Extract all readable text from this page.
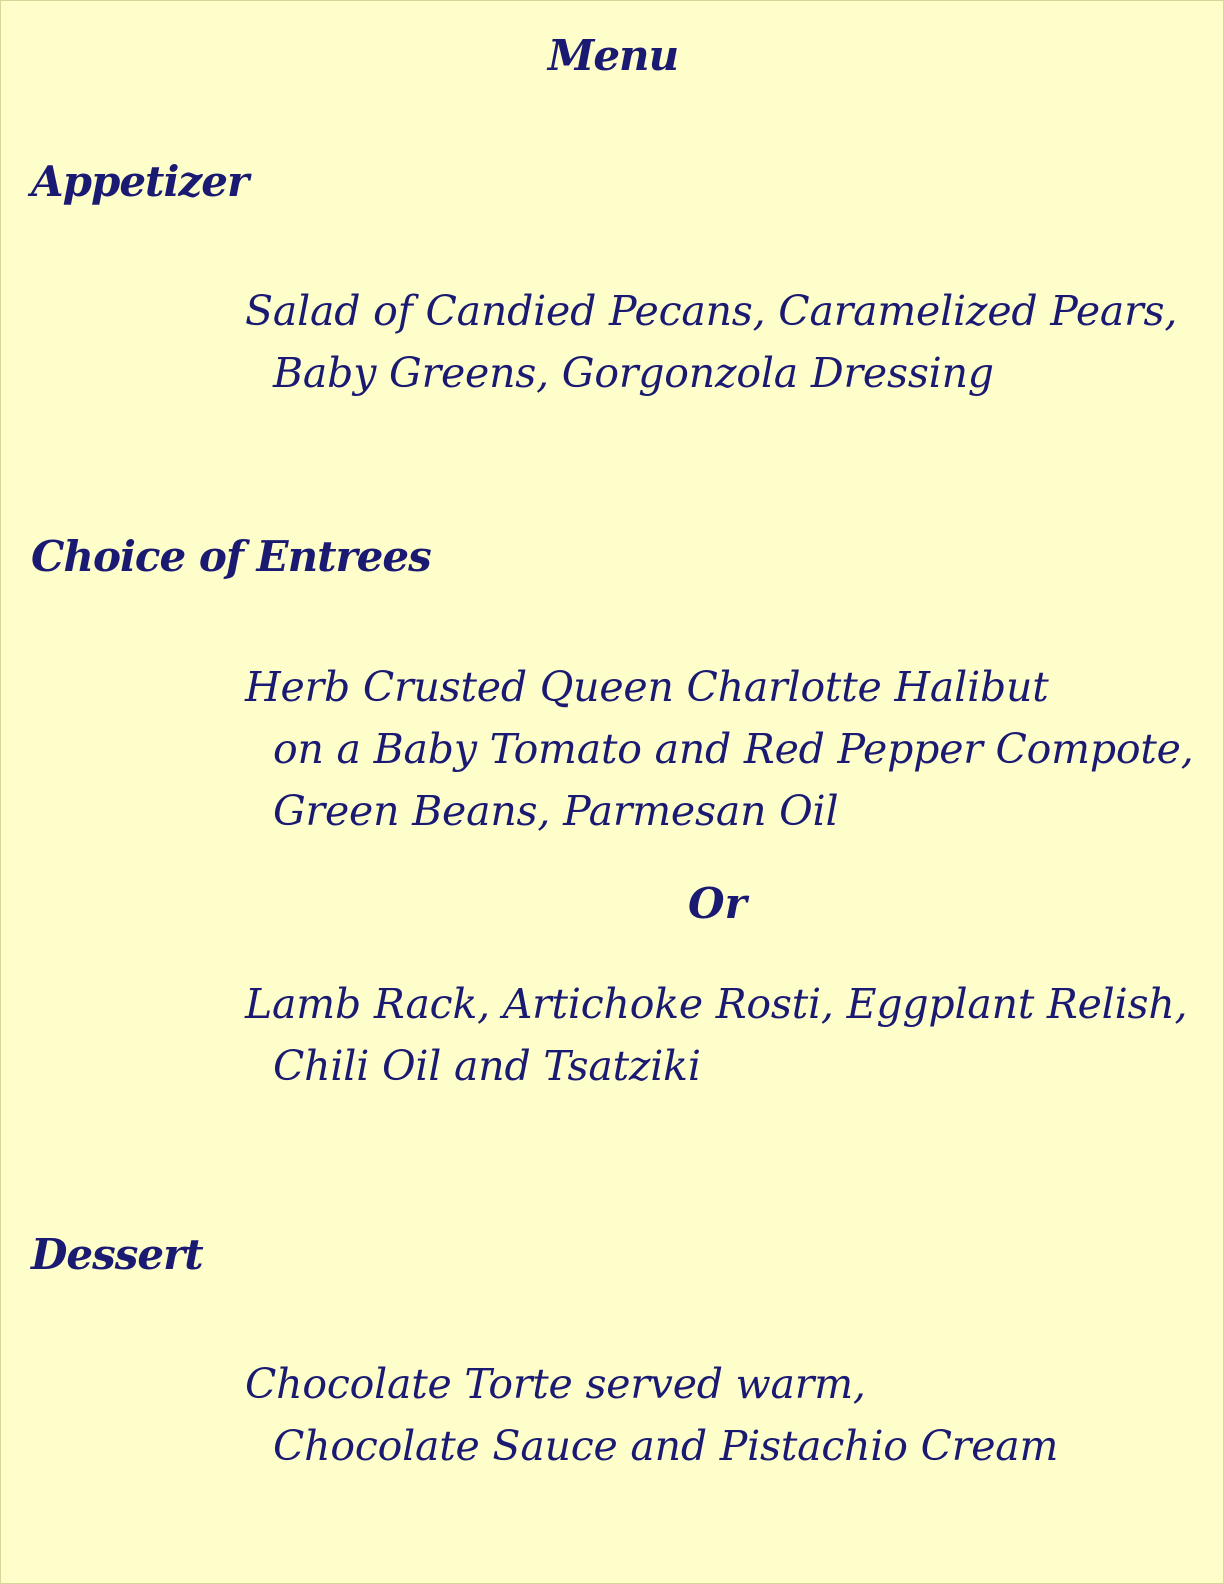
Menu
Appetizer
Salad of Candied Pecans, Caramelized Pears,
Baby Greens, Gorgonzola Dressing
Choice of Entrees
Herb Crusted Queen Charlotte Halibut
on a Baby Tomato and Red Pepper Compote,
Green Beans, Parmesan Oil
Or
Lamb Rack, Artichoke Rosti, Eggplant Relish,
Chili Oil and Tsatziki
Dessert
Chocolate Torte served warm,
Chocolate Sauce and Pistachio Cream
